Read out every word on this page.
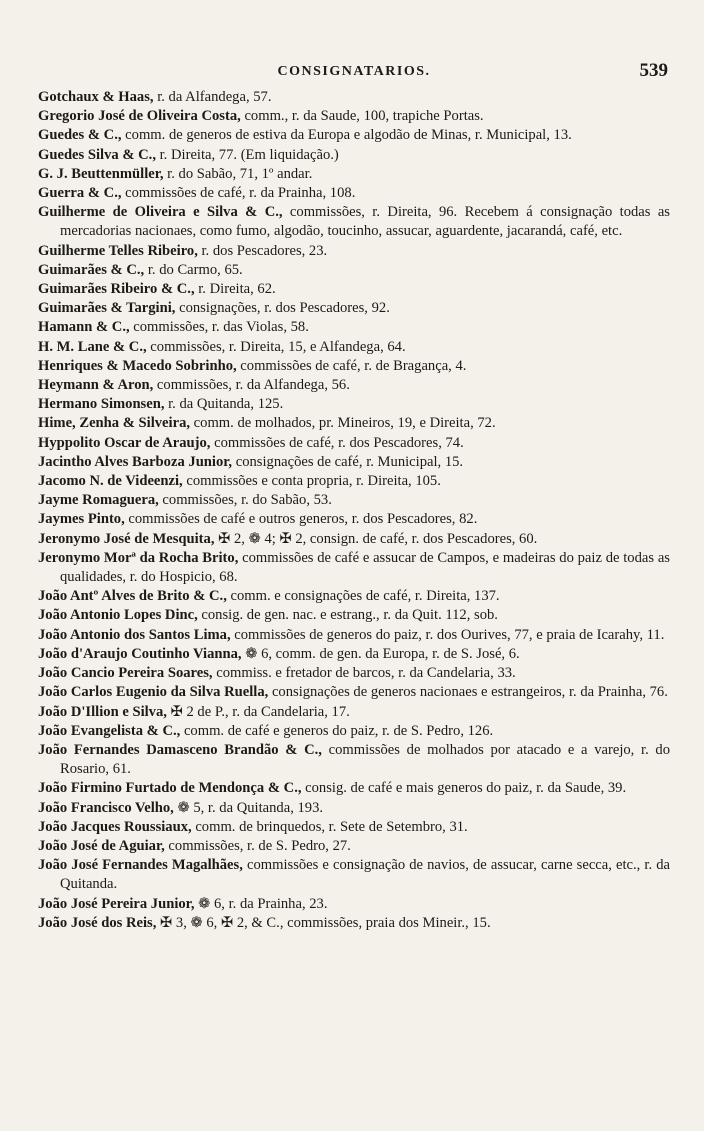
CONSIGNATARIOS.	539
Gotchaux & Haas, r. da Alfandega, 57.
Gregorio José de Oliveira Costa, comm., r. da Saude, 100, trapiche Portas.
Guedes & C., comm. de generos de estiva da Europa e algodão de Minas, r. Municipal, 13.
Guedes Silva & C., r. Direita, 77. (Em liquidação.)
G. J. Beuttenmüller, r. do Sabão, 71, 1º andar.
Guerra & C., commissões de café, r. da Prainha, 108.
Guilherme de Oliveira e Silva & C., commissões, r. Direita, 96. Recebem á consignação todas as mercadorias nacionaes, como fumo, algodão, toucinho, assucar, aguardente, jacarandá, café, etc.
Guilherme Telles Ribeiro, r. dos Pescadores, 23.
Guimarães & C., r. do Carmo, 65.
Guimarães Ribeiro & C., r. Direita, 62.
Guimarães & Targini, consignações, r. dos Pescadores, 92.
Hamann & C., commissões, r. das Violas, 58.
H. M. Lane & C., commissões, r. Direita, 15, e Alfandega, 64.
Henriques & Macedo Sobrinho, commissões de café, r. de Bragança, 4.
Heymann & Aron, commissões, r. da Alfandega, 56.
Hermano Simonsen, r. da Quitanda, 125.
Hime, Zenha & Silveira, comm. de molhados, pr. Mineiros, 19, e Direita, 72.
Hyppolito Oscar de Araujo, commissões de café, r. dos Pescadores, 74.
Jacintho Alves Barboza Junior, consignações de café, r. Municipal, 15.
Jacomo N. de Videenzi, commissões e conta propria, r. Direita, 105.
Jayme Romaguera, commissões, r. do Sabão, 53.
Jaymes Pinto, commissões de café e outros generos, r. dos Pescadores, 82.
Jeronymo José de Mesquita, ✠ 2, ❁ 4; ✠ 2, consign. de café, r. dos Pescadores, 60.
Jeronymo Morª da Rocha Brito, commissões de café e assucar de Campos, e madeiras do paiz de todas as qualidades, r. do Hospicio, 68.
João Antº Alves de Brito & C., comm. e consignações de café, r. Direita, 137.
João Antonio Lopes Dinc, consig. de gen. nac. e estrang., r. da Quit. 112, sob.
João Antonio dos Santos Lima, commissões de generos do paiz, r. dos Ourives, 77, e praia de Icarahy, 11.
João d'Araujo Coutinho Vianna, ❁ 6, comm. de gen. da Europa, r. de S. José, 6.
João Cancio Pereira Soares, commiss. e fretador de barcos, r. da Candelaria, 33.
João Carlos Eugenio da Silva Ruella, consignações de generos nacionaes e estrangeiros, r. da Prainha, 76.
João D'Illion e Silva, ✠ 2 de P., r. da Candelaria, 17.
João Evangelista & C., comm. de café e generos do paiz, r. de S. Pedro, 126.
João Fernandes Damasceno Brandão & C., commissões de molhados por atacado e a varejo, r. do Rosario, 61.
João Firmino Furtado de Mendonça & C., consig. de café e mais generos do paiz, r. da Saude, 39.
João Francisco Velho, ❁ 5, r. da Quitanda, 193.
João Jacques Roussiaux, comm. de brinquedos, r. Sete de Setembro, 31.
João José de Aguiar, commissões, r. de S. Pedro, 27.
João José Fernandes Magalhães, commissões e consignação de navios, de assucar, carne secca, etc., r. da Quitanda.
João José Pereira Junior, ❁ 6, r. da Prainha, 23.
João José dos Reis, ✠ 3, ❁ 6, ✠ 2, & C., commissões, praia dos Mineir., 15.
